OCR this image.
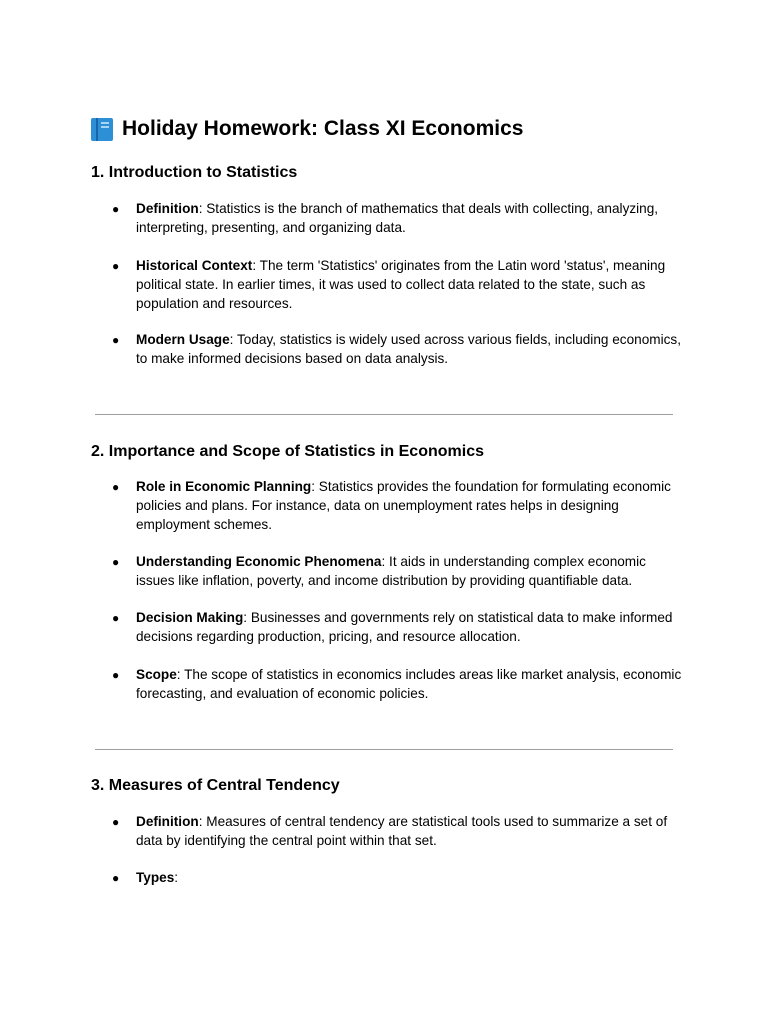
Holiday Homework: Class XI Economics
1. Introduction to Statistics
● Definition: Statistics is the branch of mathematics that deals with collecting, analyzing, interpreting, presenting, and organizing data.
● Historical Context: The term 'Statistics' originates from the Latin word 'status', meaning political state. In earlier times, it was used to collect data related to the state, such as population and resources.
● Modern Usage: Today, statistics is widely used across various fields, including economics, to make informed decisions based on data analysis.
2. Importance and Scope of Statistics in Economics
● Role in Economic Planning: Statistics provides the foundation for formulating economic policies and plans. For instance, data on unemployment rates helps in designing employment schemes.
● Understanding Economic Phenomena: It aids in understanding complex economic issues like inflation, poverty, and income distribution by providing quantifiable data.
● Decision Making: Businesses and governments rely on statistical data to make informed decisions regarding production, pricing, and resource allocation.
● Scope: The scope of statistics in economics includes areas like market analysis, economic forecasting, and evaluation of economic policies.
3. Measures of Central Tendency
● Definition: Measures of central tendency are statistical tools used to summarize a set of data by identifying the central point within that set.
● Types:
